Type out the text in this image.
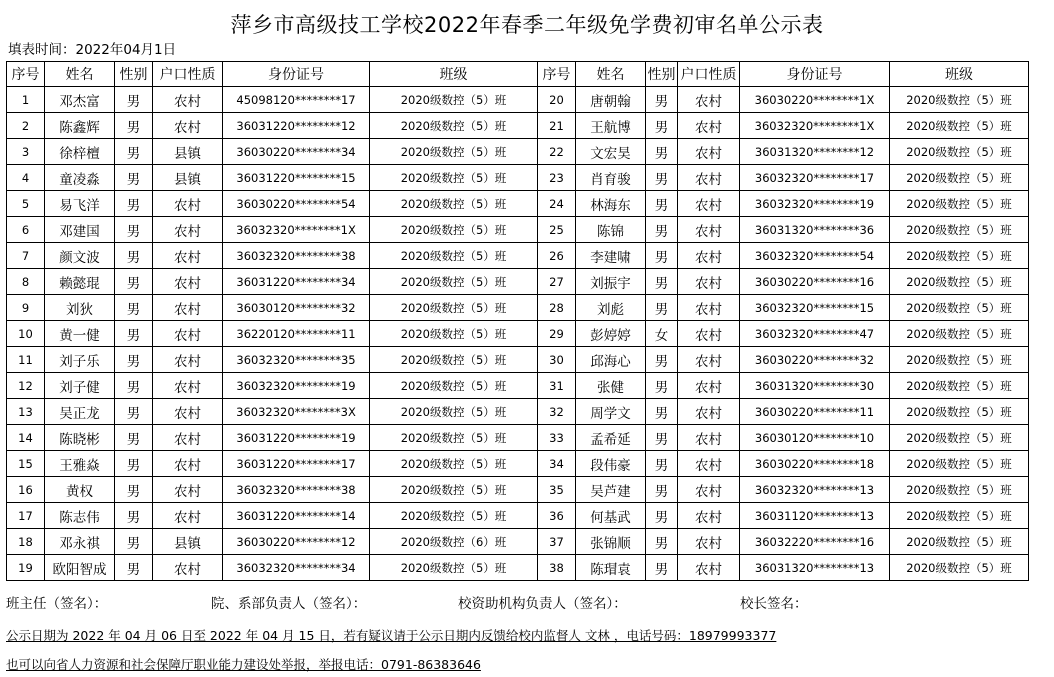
萍乡市高级技工学校2022年春季二年级免学费初审名单公示表
填表时间：2022年04月1日
序号	姓名	性别	户口性质	身份证号	班级	序号	姓名	性别	户口性质	身份证号	班级
1	邓杰富	男	农村	45098120********17	2020级数控（5）班	20	唐朝翰	男	农村	36030220********1X	2020级数控（5）班
2	陈鑫辉	男	农村	36031220********12	2020级数控（5）班	21	王航博	男	农村	36032320********1X	2020级数控（5）班
3	徐梓檀	男	县镇	36030220********34	2020级数控（5）班	22	文宏昊	男	农村	36031320********12	2020级数控（5）班
4	童凌淼	男	县镇	36031220********15	2020级数控（5）班	23	肖育骏	男	农村	36032320********17	2020级数控（5）班
5	易飞洋	男	农村	36030220********54	2020级数控（5）班	24	林海东	男	农村	36032320********19	2020级数控（5）班
6	邓建国	男	农村	36032320********1X	2020级数控（5）班	25	陈锦	男	农村	36031320********36	2020级数控（5）班
7	颜文波	男	农村	36032320********38	2020级数控（5）班	26	李建啸	男	农村	36032320********54	2020级数控（5）班
8	赖懿琨	男	农村	36031220********34	2020级数控（5）班	27	刘振宇	男	农村	36030220********16	2020级数控（5）班
9	刘狄	男	农村	36030120********32	2020级数控（5）班	28	刘彪	男	农村	36032320********15	2020级数控（5）班
10	黄一健	男	农村	36220120********11	2020级数控（5）班	29	彭婷婷	女	农村	36032320********47	2020级数控（5）班
11	刘子乐	男	农村	36032320********35	2020级数控（5）班	30	邱海心	男	农村	36030220********32	2020级数控（5）班
12	刘子健	男	农村	36032320********19	2020级数控（5）班	31	张健	男	农村	36031320********30	2020级数控（5）班
13	吴正龙	男	农村	36032320********3X	2020级数控（5）班	32	周学文	男	农村	36030220********11	2020级数控（5）班
14	陈晓彬	男	农村	36031220********19	2020级数控（5）班	33	孟希延	男	农村	36030120********10	2020级数控（5）班
15	王雅焱	男	农村	36031220********17	2020级数控（5）班	34	段伟豪	男	农村	36030220********18	2020级数控（5）班
16	黄权	男	农村	36032320********38	2020级数控（5）班	35	吴芦建	男	农村	36032320********13	2020级数控（5）班
17	陈志伟	男	农村	36031220********14	2020级数控（5）班	36	何基武	男	农村	36031120********13	2020级数控（5）班
18	邓永祺	男	县镇	36030220********12	2020级数控（6）班	37	张锦顺	男	农村	36032220********16	2020级数控（5）班
19	欧阳智成	男	农村	36032320********34	2020级数控（5）班	38	陈瑁袁	男	农村	36031320********13	2020级数控（5）班
班主任（签名）：	院、系部负责人（签名）：	校资助机构负责人（签名）：	校长签名：
公示日期为 2022 年 04 月 06 日至 2022 年 04 月 15 日，若有疑议请于公示日期内反馈给校内监督人 文林 ，电话号码：18979993377
也可以向省人力资源和社会保障厅职业能力建设处举报，举报电话：0791-86383646
